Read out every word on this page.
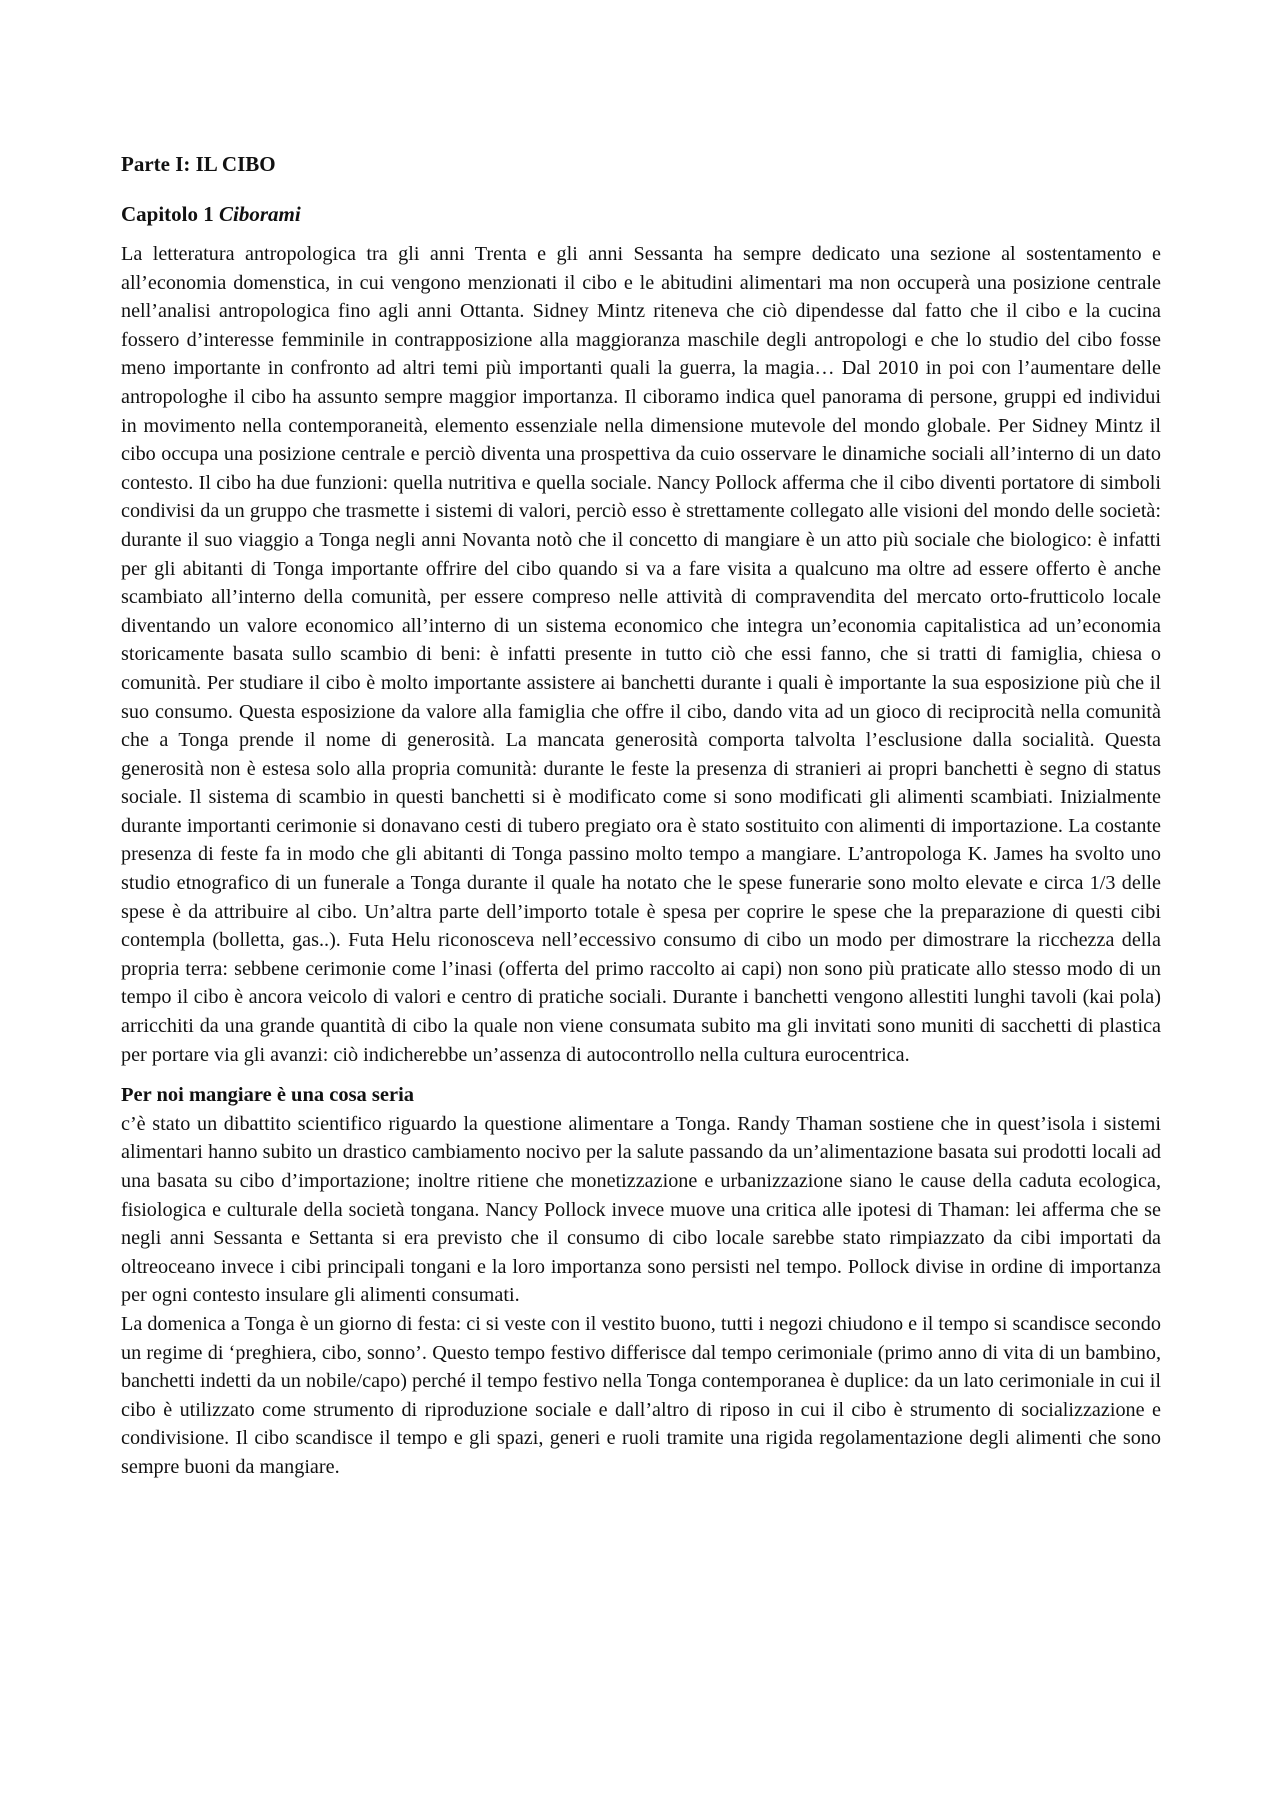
Parte I: IL CIBO

Capitolo 1 Ciborami

La letteratura antropologica tra gli anni Trenta e gli anni Sessanta ha sempre dedicato una sezione al sostentamento e all’economia domenstica, in cui vengono menzionati il cibo e le abitudini alimentari ma non occuperà una posizione centrale nell’analisi antropologica fino agli anni Ottanta. Sidney Mintz riteneva che ciò dipendesse dal fatto che il cibo e la cucina fossero d’interesse femminile in contrapposizione alla maggioranza maschile degli antropologi e che lo studio del cibo fosse meno importante in confronto ad altri temi più importanti quali la guerra, la magia… Dal 2010 in poi con l’aumentare delle antropologhe il cibo ha assunto sempre maggior importanza. Il ciboramo indica quel panorama di persone, gruppi ed individui in movimento nella contemporaneità, elemento essenziale nella dimensione mutevole del mondo globale. Per Sidney Mintz il cibo occupa una posizione centrale e perciò diventa una prospettiva da cuio osservare le dinamiche sociali all’interno di un dato contesto. Il cibo ha due funzioni: quella nutritiva e quella sociale. Nancy Pollock afferma che il cibo diventi portatore di simboli condivisi da un gruppo che trasmette i sistemi di valori, perciò esso è strettamente collegato alle visioni del mondo delle società: durante il suo viaggio a Tonga negli anni Novanta notò che il concetto di mangiare è un atto più sociale che biologico: è infatti per gli abitanti di Tonga importante offrire del cibo quando si va a fare visita a qualcuno ma oltre ad essere offerto è anche scambiato all’interno della comunità, per essere compreso nelle attività di compravendita del mercato orto-frutticolo locale diventando un valore economico all’interno di un sistema economico che integra un’economia capitalistica ad un’economia storicamente basata sullo scambio di beni: è infatti presente in tutto ciò che essi fanno, che si tratti di famiglia, chiesa o comunità. Per studiare il cibo è molto importante assistere ai banchetti durante i quali è importante la sua esposizione più che il suo consumo. Questa esposizione da valore alla famiglia che offre il cibo, dando vita ad un gioco di reciprocità nella comunità che a Tonga prende il nome di generosità. La mancata generosità comporta talvolta l’esclusione dalla socialità. Questa generosità non è estesa solo alla propria comunità: durante le feste la presenza di stranieri ai propri banchetti è segno di status sociale. Il sistema di scambio in questi banchetti si è modificato come si sono modificati gli alimenti scambiati. Inizialmente durante importanti cerimonie si donavano cesti di tubero pregiato ora è stato sostituito con alimenti di importazione. La costante presenza di feste fa in modo che gli abitanti di Tonga passino molto tempo a mangiare. L’antropologa K. James ha svolto uno studio etnografico di un funerale a Tonga durante il quale ha notato che le spese funerarie sono molto elevate e circa 1/3 delle spese è da attribuire al cibo. Un’altra parte dell’importo totale è spesa per coprire le spese che la preparazione di questi cibi contempla (bolletta, gas..). Futa Helu riconosceva nell’eccessivo consumo di cibo un modo per dimostrare la ricchezza della propria terra: sebbene cerimonie come l’inasi (offerta del primo raccolto ai capi) non sono più praticate allo stesso modo di un tempo il cibo è ancora veicolo di valori e centro di pratiche sociali. Durante i banchetti vengono allestiti lunghi tavoli (kai pola) arricchiti da una grande quantità di cibo la quale non viene consumata subito ma gli invitati sono muniti di sacchetti di plastica per portare via gli avanzi: ciò indicherebbe un’assenza di autocontrollo nella cultura eurocentrica.

Per noi mangiare è una cosa seria

c’è stato un dibattito scientifico riguardo la questione alimentare a Tonga. Randy Thaman sostiene che in quest’isola i sistemi alimentari hanno subito un drastico cambiamento nocivo per la salute passando da un’alimentazione basata sui prodotti locali ad una basata su cibo d’importazione; inoltre ritiene che monetizzazione e urbanizzazione siano le cause della caduta ecologica, fisiologica e culturale della società tongana. Nancy Pollock invece muove una critica alle ipotesi di Thaman: lei afferma che se negli anni Sessanta e Settanta si era previsto che il consumo di cibo locale sarebbe stato rimpiazzato da cibi importati da oltreoceano invece i cibi principali tongani e la loro importanza sono persisti nel tempo. Pollock divise in ordine di importanza per ogni contesto insulare gli alimenti consumati.

La domenica a Tonga è un giorno di festa: ci si veste con il vestito buono, tutti i negozi chiudono e il tempo si scandisce secondo un regime di ‘preghiera, cibo, sonno’. Questo tempo festivo differisce dal tempo cerimoniale (primo anno di vita di un bambino, banchetti indetti da un nobile/capo) perché il tempo festivo nella Tonga contemporanea è duplice: da un lato cerimoniale in cui il cibo è utilizzato come strumento di riproduzione sociale e dall’altro di riposo in cui il cibo è strumento di socializzazione e condivisione. Il cibo scandisce il tempo e gli spazi, generi e ruoli tramite una rigida regolamentazione degli alimenti che sono sempre buoni da mangiare.
